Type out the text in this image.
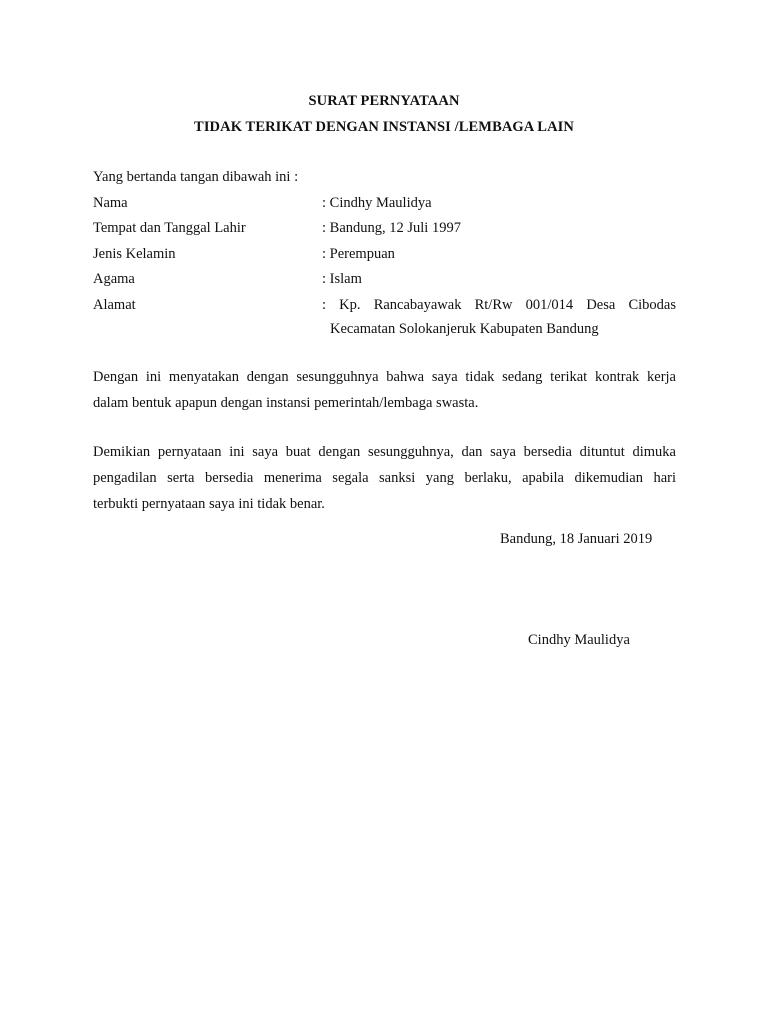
SURAT PERNYATAAN
TIDAK TERIKAT DENGAN INSTANSI /LEMBAGA LAIN
Yang bertanda tangan dibawah ini :
Nama	: Cindhy Maulidya
Tempat dan Tanggal Lahir	: Bandung, 12 Juli 1997
Jenis Kelamin	: Perempuan
Agama	: Islam
Alamat	: Kp. Rancabayawak Rt/Rw 001/014 Desa Cibodas
Kecamatan Solokanjeruk Kabupaten Bandung
Dengan ini menyatakan dengan sesungguhnya bahwa saya tidak sedang terikat kontrak kerja
dalam bentuk apapun dengan instansi pemerintah/lembaga swasta.
Demikian pernyataan ini saya buat dengan sesungguhnya, dan saya bersedia dituntut dimuka
pengadilan serta bersedia menerima segala sanksi yang berlaku, apabila dikemudian hari
terbukti pernyataan saya ini tidak benar.
Bandung, 18 Januari 2019
Cindhy Maulidya
